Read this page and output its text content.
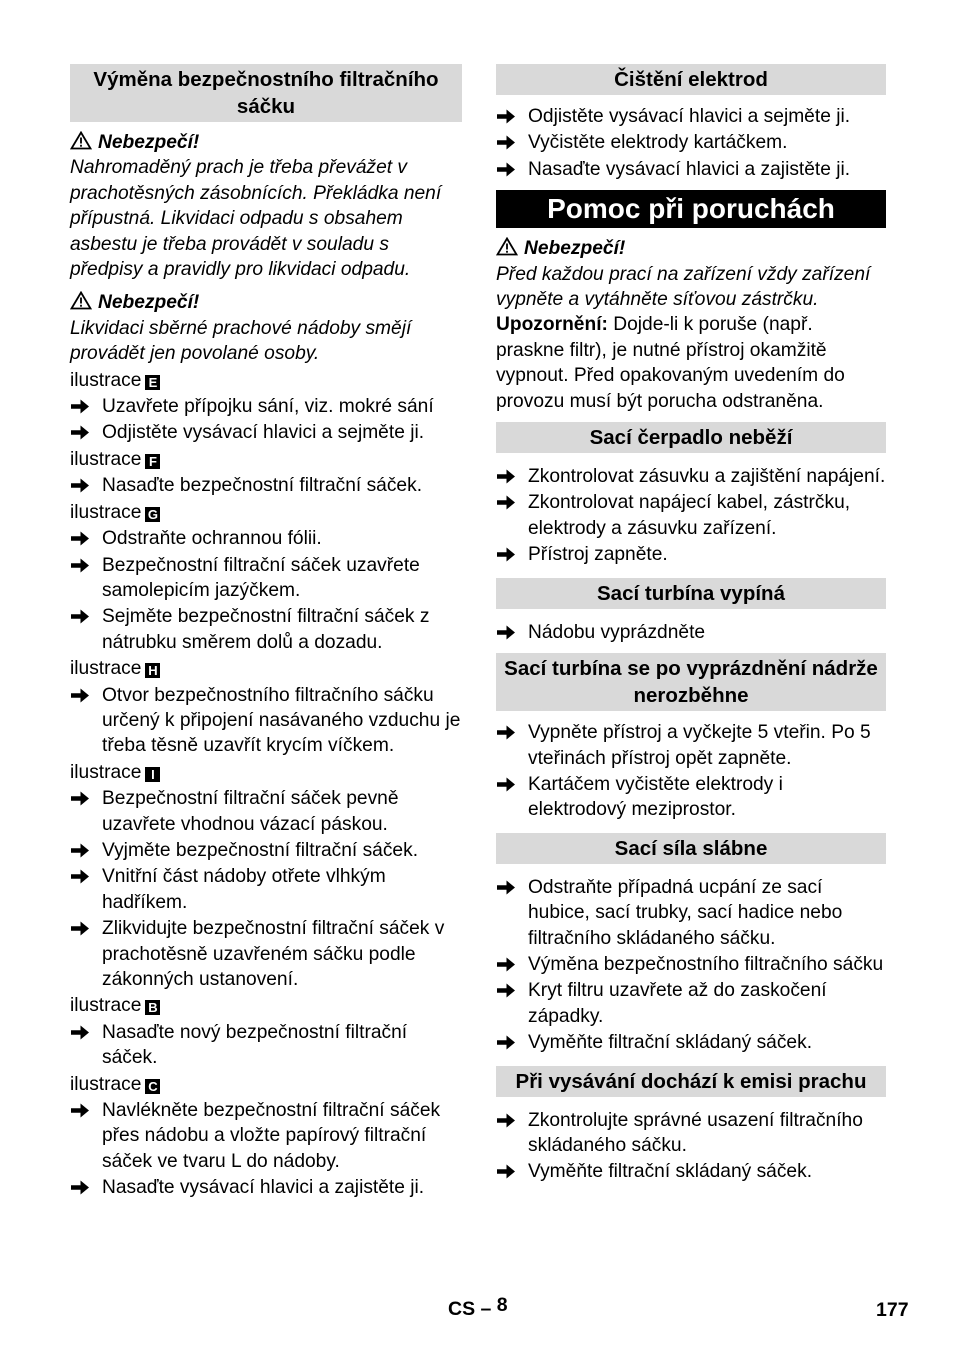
Výměna bezpečnostního filtračního sáčku
Nebezpečí!
Nahromaděný prach je třeba převážet v prachotěsných zásobnících. Překládka není přípustná. Likvidaci odpadu s obsahem asbestu je třeba provádět v souladu s předpisy a pravidly pro likvidaci odpadu.
Nebezpečí!
Likvidaci sběrné prachové nádoby smějí provádět jen povolané osoby.
ilustrace E
Uzavřete přípojku sání, viz. mokré sání
Odjistěte vysávací hlavici a sejměte ji.
ilustrace F
Nasaďte bezpečnostní filtrační sáček.
ilustrace G
Odstraňte ochrannou fólii.
Bezpečnostní filtrační sáček uzavřete samolepicím jazýčkem.
Sejměte bezpečnostní filtrační sáček z nátrubku směrem dolů a dozadu.
ilustrace H
Otvor bezpečnostního filtračního sáčku určený k připojení nasávaného vzduchu je třeba těsně uzavřít krycím víčkem.
ilustrace I
Bezpečnostní filtrační sáček pevně uzavřete vhodnou vázací páskou.
Vyjměte bezpečnostní filtrační sáček.
Vnitřní část nádoby otřete vlhkým hadříkem.
Zlikvidujte bezpečnostní filtrační sáček v prachotěsně uzavřeném sáčku podle zákonných ustanovení.
ilustrace B
Nasaďte nový bezpečnostní filtrační sáček.
ilustrace C
Navlékněte bezpečnostní filtrační sáček přes nádobu a vložte papírový filtrační sáček ve tvaru L do nádoby.
Nasaďte vysávací hlavici a zajistěte ji.
Čištění elektrod
Odjistěte vysávací hlavici a sejměte ji.
Vyčistěte elektrody kartáčkem.
Nasaďte vysávací hlavici a zajistěte ji.
Pomoc při poruchách
Nebezpečí!
Před každou prací na zařízení vždy zařízení vypněte a vytáhněte síťovou zástrčku.
Upozornění: Dojde-li k poruše (např. praskne filtr), je nutné přístroj okamžitě vypnout. Před opakovaným uvedením do provozu musí být porucha odstraněna.
Sací čerpadlo neběží
Zkontrolovat zásuvku a zajištění napájení.
Zkontrolovat napájecí kabel, zástrčku, elektrody a zásuvku zařízení.
Přístroj zapněte.
Sací turbína vypíná
Nádobu vyprázdněte
Sací turbína se po vyprázdnění nádrže nerozběhne
Vypněte přístroj a vyčkejte 5 vteřin. Po 5 vteřinách přístroj opět zapněte.
Kartáčem vyčistěte elektrody i elektrodový meziprostor.
Sací síla slábne
Odstraňte případná ucpání ze sací hubice, sací trubky, sací hadice nebo filtračního skládaného sáčku.
Výměna bezpečnostního filtračního sáčku
Kryt filtru uzavřete až do zaskočení západky.
Vyměňte filtrační skládaný sáček.
Při vysávání dochází k emisi prachu
Zkontrolujte správné usazení filtračního skládaného sáčku.
Vyměňte filtrační skládaný sáček.
CS – 8	177
